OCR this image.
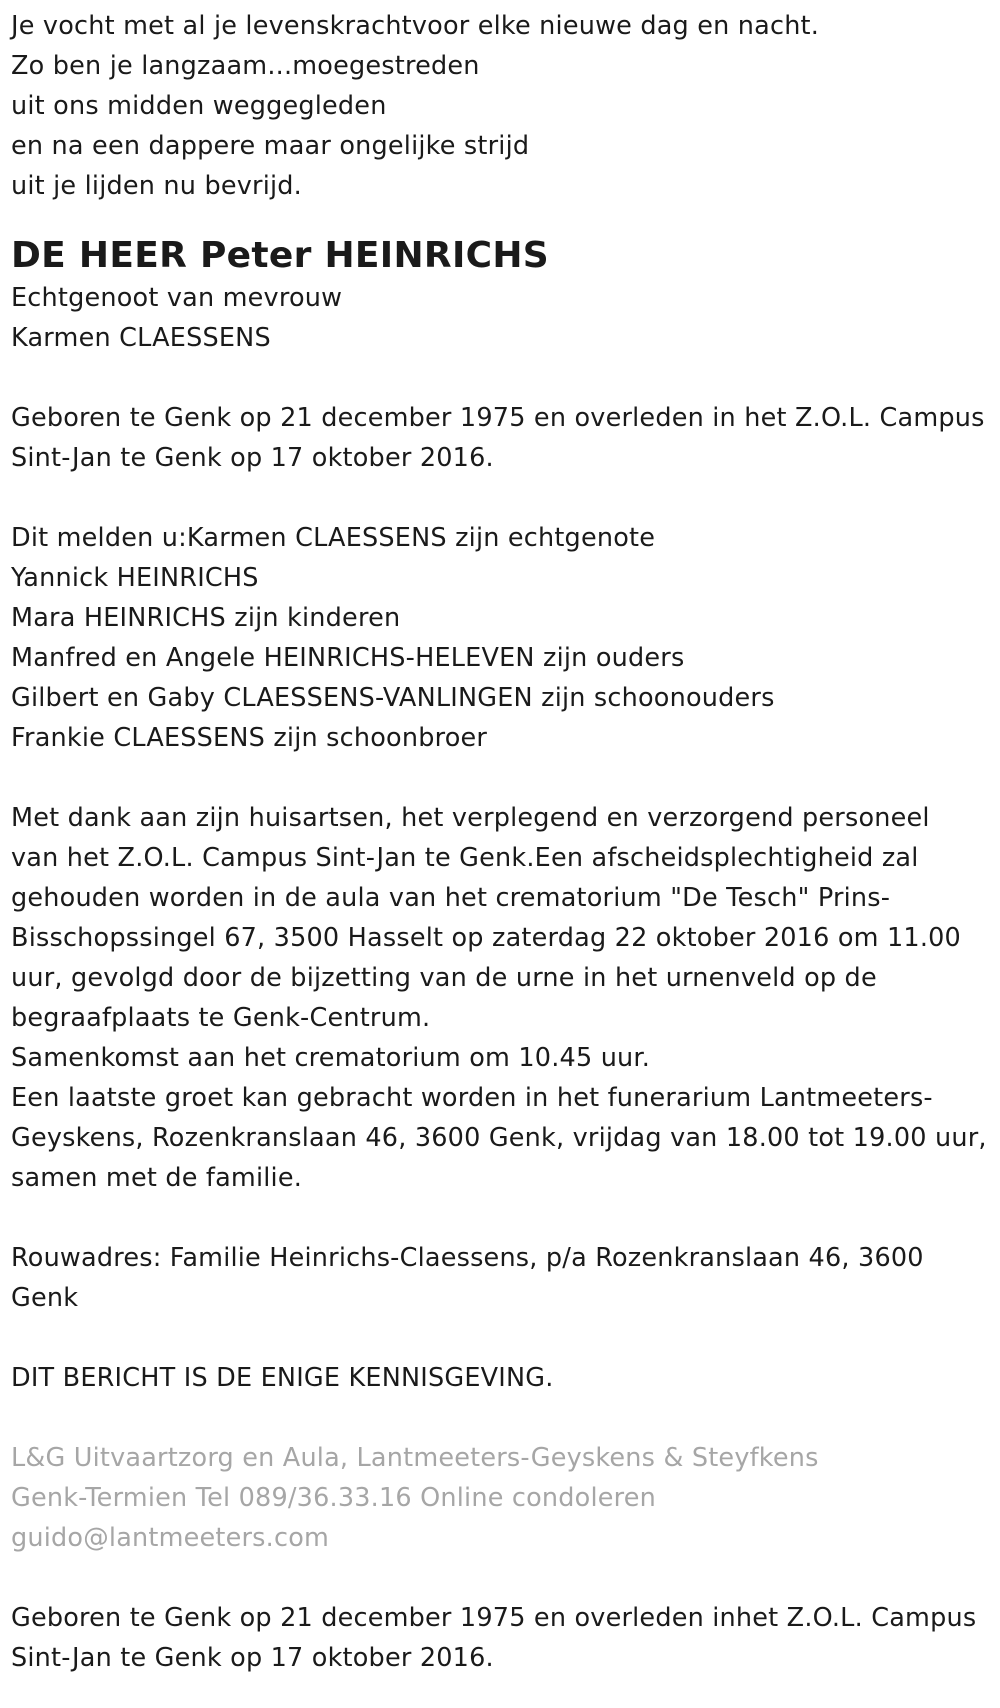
Je vocht met al je levenskrachtvoor elke nieuwe dag en nacht.
Zo ben je langzaam...moegestreden
uit ons midden weggegleden
en na een dappere maar ongelijke strijd
uit je lijden nu bevrijd.
DE HEER Peter HEINRICHS
Echtgenoot van mevrouw
Karmen CLAESSENS
Geboren te Genk op 21 december 1975 en overleden in het Z.O.L. Campus
Sint-Jan te Genk op 17 oktober 2016.
Dit melden u:Karmen CLAESSENS zijn echtgenote
Yannick HEINRICHS
Mara HEINRICHS zijn kinderen
Manfred en Angele HEINRICHS-HELEVEN zijn ouders
Gilbert en Gaby CLAESSENS-VANLINGEN zijn schoonouders
Frankie CLAESSENS zijn schoonbroer
Met dank aan zijn huisartsen, het verplegend en verzorgend personeel
van het Z.O.L. Campus Sint-Jan te Genk.Een afscheidsplechtigheid zal
gehouden worden in de aula van het crematorium "De Tesch" Prins-
Bisschopssingel 67, 3500 Hasselt op zaterdag 22 oktober 2016 om 11.00
uur, gevolgd door de bijzetting van de urne in het urnenveld op de
begraafplaats te Genk-Centrum.
Samenkomst aan het crematorium om 10.45 uur.
Een laatste groet kan gebracht worden in het funerarium Lantmeeters-
Geyskens, Rozenkranslaan 46, 3600 Genk, vrijdag van 18.00 tot 19.00 uur,
samen met de familie.
Rouwadres: Familie Heinrichs-Claessens, p/a Rozenkranslaan 46, 3600
Genk
DIT BERICHT IS DE ENIGE KENNISGEVING.
L&G Uitvaartzorg en Aula, Lantmeeters-Geyskens & Steyfkens
Genk-Termien Tel 089/36.33.16 Online condoleren
guido@lantmeeters.com
Geboren te Genk op 21 december 1975 en overleden inhet Z.O.L. Campus
Sint-Jan te Genk op 17 oktober 2016.
